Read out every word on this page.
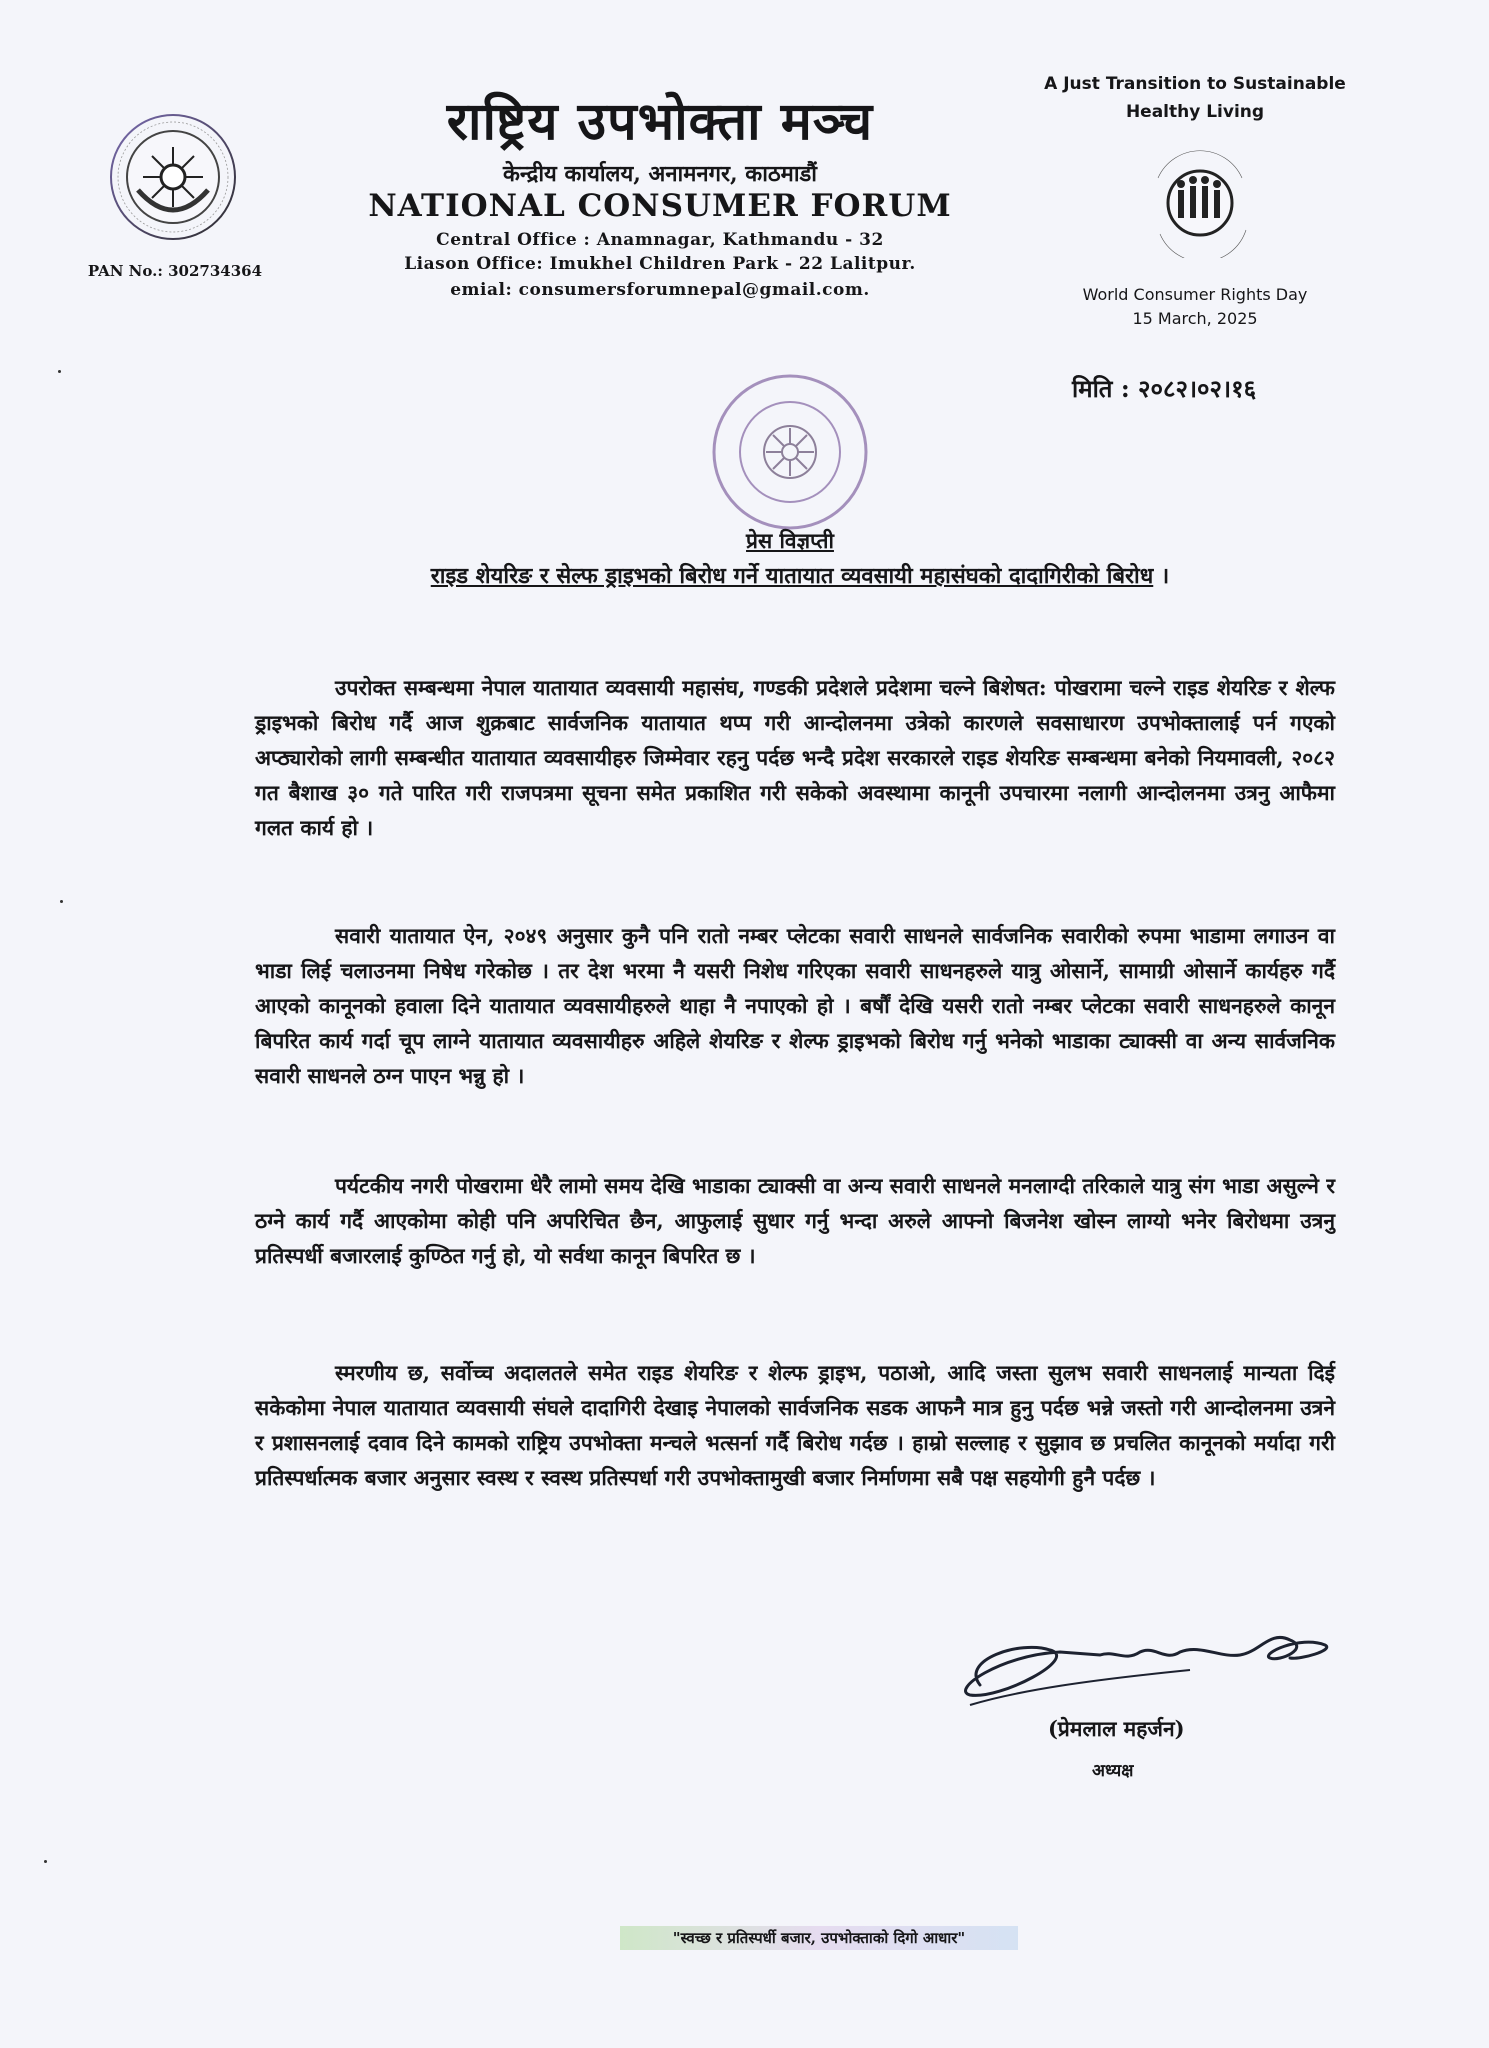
PAN No.: 302734364
राष्ट्रिय उपभोक्ता मञ्च
केन्द्रीय कार्यालय, अनामनगर, काठमाडौं
NATIONAL CONSUMER FORUM
Central Office : Anamnagar, Kathmandu - 32
Liason Office: Imukhel Children Park - 22 Lalitpur.
emial: consumersforumnepal@gmail.com.
A Just Transition to Sustainable Healthy Living
World Consumer Rights Day
15 March, 2025
मिति : २०८२।०२।१६
प्रेस विज्ञप्ती
राइड शेयरिङ र सेल्फ ड्राइभको बिरोध गर्ने यातायात व्यवसायी महासंघको दादागिरीको बिरोध ।
उपरोक्त सम्बन्धमा नेपाल यातायात व्यवसायी महासंघ, गण्डकी प्रदेशले प्रदेशमा चल्ने बिशेषत: पोखरामा चल्ने राइड शेयरिङ र शेल्फ ड्राइभको बिरोध गर्दै आज शुक्रबाट सार्वजनिक यातायात थप्प गरी आन्दोलनमा उत्रेको कारणले सवसाधारण उपभोक्तालाई पर्न गएको अप्ठ्यारोको लागी सम्बन्धीत यातायात व्यवसायीहरु जिम्मेवार रहनु पर्दछ भन्दै प्रदेश सरकारले राइड शेयरिङ सम्बन्धमा बनेको नियमावली, २०८२ गत बैशाख ३० गते पारित गरी राजपत्रमा सूचना समेत प्रकाशित गरी सकेको अवस्थामा कानूनी उपचारमा नलागी आन्दोलनमा उत्रनु आफैमा गलत कार्य हो ।
सवारी यातायात ऐन, २०४९ अनुसार कुनै पनि रातो नम्बर प्लेटका सवारी साधनले सार्वजनिक सवारीको रुपमा भाडामा लगाउन वा भाडा लिई चलाउनमा निषेध गरेकोछ । तर देश भरमा नै यसरी निशेध गरिएका सवारी साधनहरुले यात्रु ओसार्ने, सामाग्री ओसार्ने कार्यहरु गर्दै आएको कानूनको हवाला दिने यातायात व्यवसायीहरुले थाहा नै नपाएको हो । बर्षौं देखि यसरी रातो नम्बर प्लेटका सवारी साधनहरुले कानून बिपरित कार्य गर्दा चूप लाग्ने यातायात व्यवसायीहरु अहिले शेयरिङ र शेल्फ ड्राइभको बिरोध गर्नु भनेको भाडाका ट्याक्सी वा अन्य सार्वजनिक सवारी साधनले ठग्न पाएन भन्नु हो ।
पर्यटकीय नगरी पोखरामा धेरै लामो समय देखि भाडाका ट्याक्सी वा अन्य सवारी साधनले मनलाग्दी तरिकाले यात्रु संग भाडा असुल्ने र ठग्ने कार्य गर्दै आएकोमा कोही पनि अपरिचित छैन, आफुलाई सुधार गर्नु भन्दा अरुले आफ्नो बिजनेश खोस्न लाग्यो भनेर बिरोधमा उत्रनु प्रतिस्पर्धी बजारलाई कुण्ठित गर्नु हो, यो सर्वथा कानून बिपरित छ ।
स्मरणीय छ, सर्वोच्च अदालतले समेत राइड शेयरिङ र शेल्फ ड्राइभ, पठाओ, आदि जस्ता सुलभ सवारी साधनलाई मान्यता दिई सकेकोमा नेपाल यातायात व्यवसायी संघले दादागिरी देखाइ नेपालको सार्वजनिक सडक आफनै मात्र हुनु पर्दछ भन्ने जस्तो गरी आन्दोलनमा उत्रने र प्रशासनलाई दवाव दिने कामको राष्ट्रिय उपभोक्ता मन्चले भत्सर्ना गर्दै बिरोध गर्दछ । हाम्रो सल्लाह र सुझाव छ प्रचलित कानूनको मर्यादा गरी प्रतिस्पर्धात्मक बजार अनुसार स्वस्थ र स्वस्थ प्रतिस्पर्धा गरी उपभोक्तामुखी बजार निर्माणमा सबै पक्ष सहयोगी हुनै पर्दछ ।
(प्रेमलाल महर्जन)
अध्यक्ष
"स्वच्छ र प्रतिस्पर्धी बजार, उपभोक्ताको दिगो आधार"
